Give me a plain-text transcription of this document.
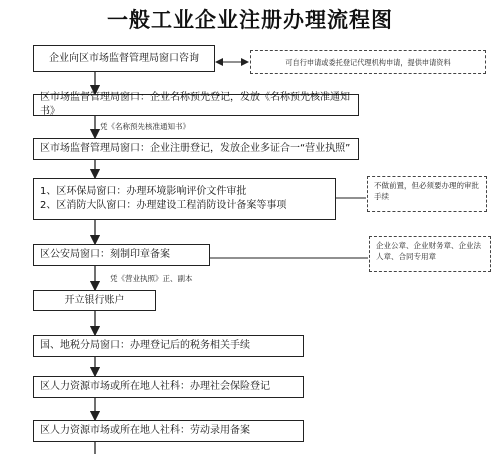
一般工业企业注册办理流程图
企业向区市场监督管理局窗口咨询	可自行申请或委托登记代理机构申请，提供申请资料
区市场监督管理局窗口：企业名称预先登记，发放《名称预先核准通知书》
凭《名称预先核准通知书》
区市场监督管理局窗口：企业注册登记，发放企业多证合一“营业执照”
1、区环保局窗口：办理环境影响评价文件审批
2、区消防大队窗口：办理建设工程消防设计备案等事项
不做前置，但必须要办理的审批手续
区公安局窗口：刻制印章备案
企业公章、企业财务章、企业法人章、合同专用章
凭《营业执照》正、副本
开立银行账户
国、地税分局窗口：办理登记后的税务相关手续
区人力资源市场或所在地人社科：办理社会保险登记
区人力资源市场或所在地人社科：劳动录用备案
